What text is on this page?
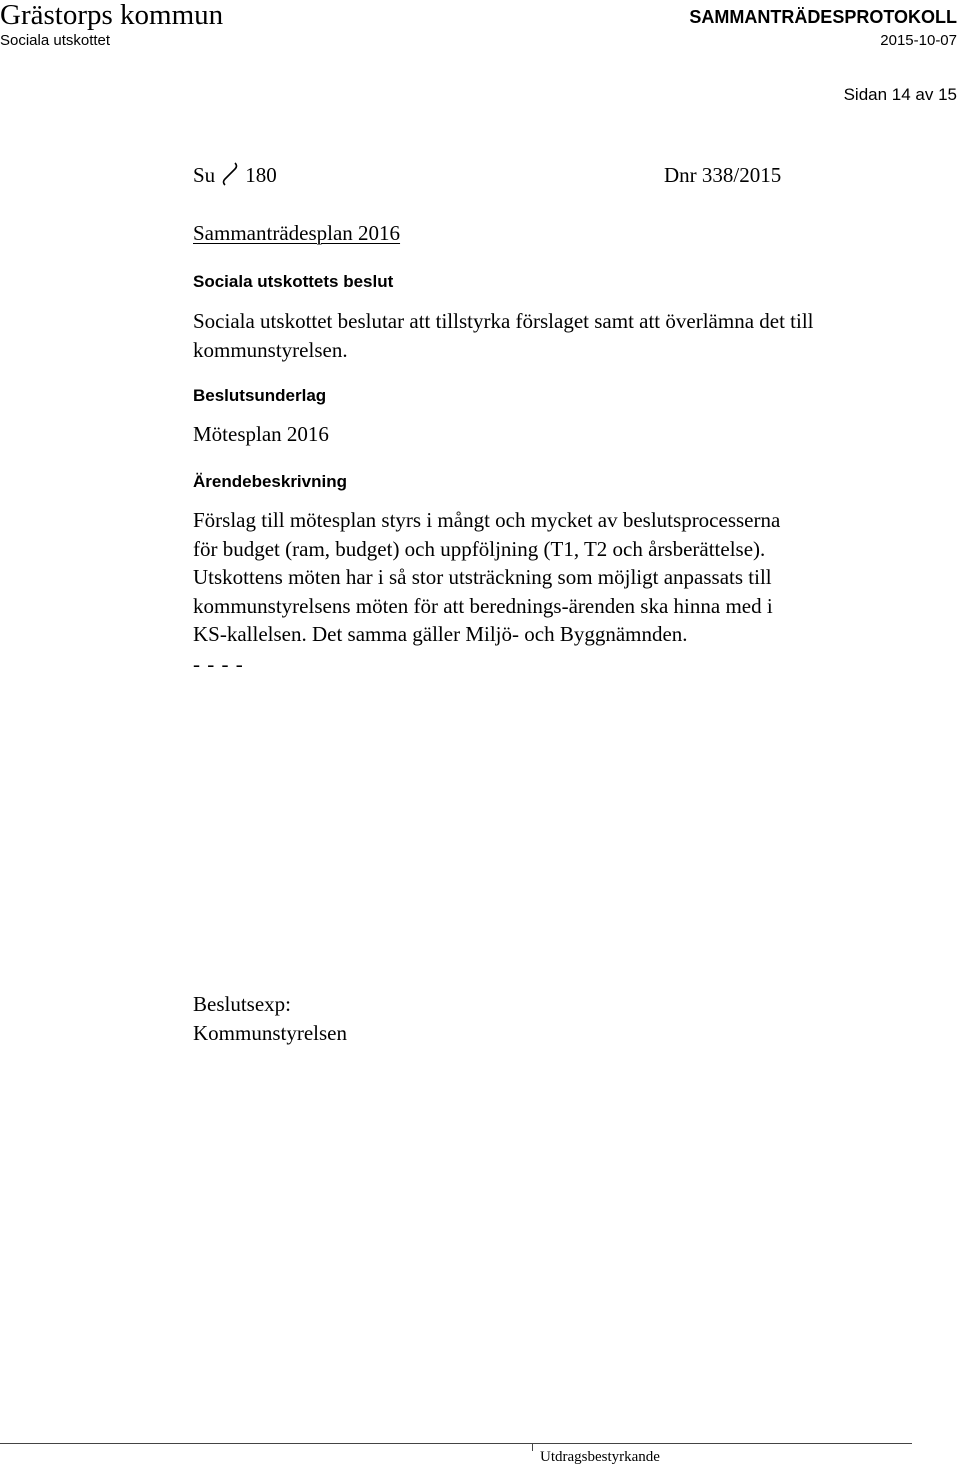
Grästorps kommun
Sociala utskottet
SAMMANTRÄDESPROTOKOLL
2015-10-07
Sidan 14 av 15
Su 180	Dnr 338/2015
Sammanträdesplan 2016
Sociala utskottets beslut
Sociala utskottet beslutar att tillstyrka förslaget samt att överlämna det till kommunstyrelsen.
Beslutsunderlag
Mötesplan 2016
Ärendebeskrivning
Förslag till mötesplan styrs i mångt och mycket av beslutsprocesserna
för budget (ram, budget) och uppföljning (T1, T2 och årsberättelse).
Utskottens möten har i så stor utsträckning som möjligt anpassats till
kommunstyrelsens möten för att berednings-ärenden ska hinna med i
KS-kallelsen. Det samma gäller Miljö- och Byggnämnden.
- - - -
Beslutsexp:
Kommunstyrelsen
Utdragsbestyrkande
